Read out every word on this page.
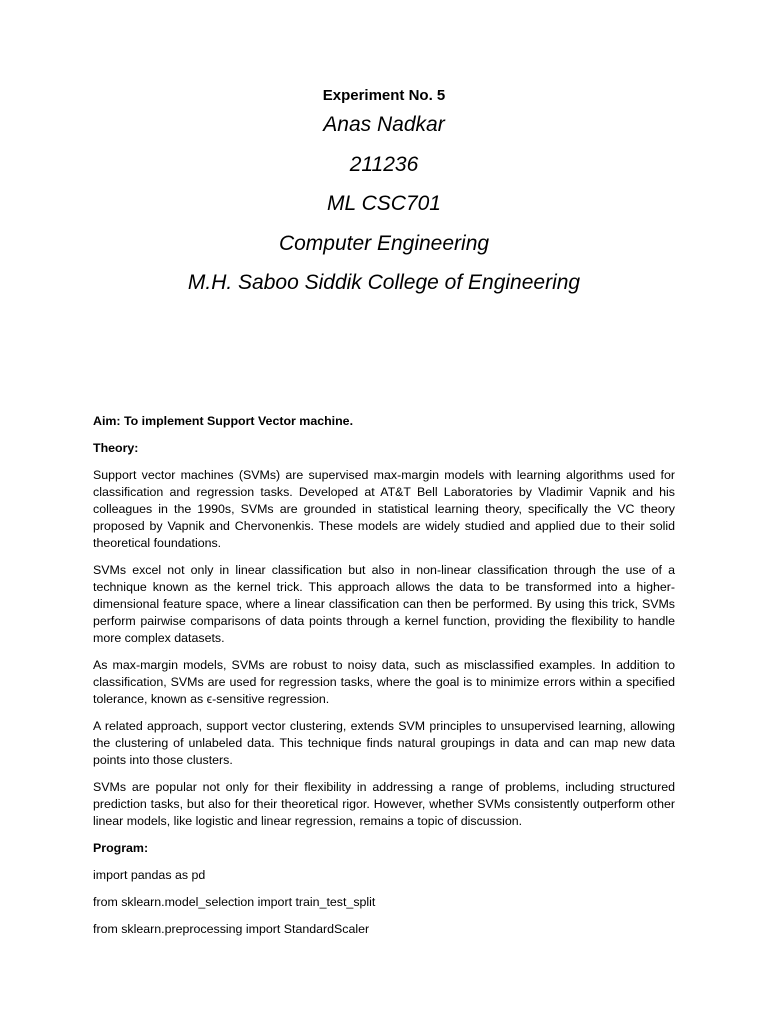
Experiment No. 5

Anas Nadkar

211236

ML CSC701

Computer Engineering

M.H. Saboo Siddik College of Engineering

Aim: To implement Support Vector machine.

Theory:

Support vector machines (SVMs) are supervised max-margin models with learning algorithms used for classification and regression tasks. Developed at AT&T Bell Laboratories by Vladimir Vapnik and his colleagues in the 1990s, SVMs are grounded in statistical learning theory, specifically the VC theory proposed by Vapnik and Chervonenkis. These models are widely studied and applied due to their solid theoretical foundations.

SVMs excel not only in linear classification but also in non-linear classification through the use of a technique known as the kernel trick. This approach allows the data to be transformed into a higher-dimensional feature space, where a linear classification can then be performed. By using this trick, SVMs perform pairwise comparisons of data points through a kernel function, providing the flexibility to handle more complex datasets.

As max-margin models, SVMs are robust to noisy data, such as misclassified examples. In addition to classification, SVMs are used for regression tasks, where the goal is to minimize errors within a specified tolerance, known as ϵ-sensitive regression.

A related approach, support vector clustering, extends SVM principles to unsupervised learning, allowing the clustering of unlabeled data. This technique finds natural groupings in data and can map new data points into those clusters.

SVMs are popular not only for their flexibility in addressing a range of problems, including structured prediction tasks, but also for their theoretical rigor. However, whether SVMs consistently outperform other linear models, like logistic and linear regression, remains a topic of discussion.

Program:

import pandas as pd

from sklearn.model_selection import train_test_split

from sklearn.preprocessing import StandardScaler
